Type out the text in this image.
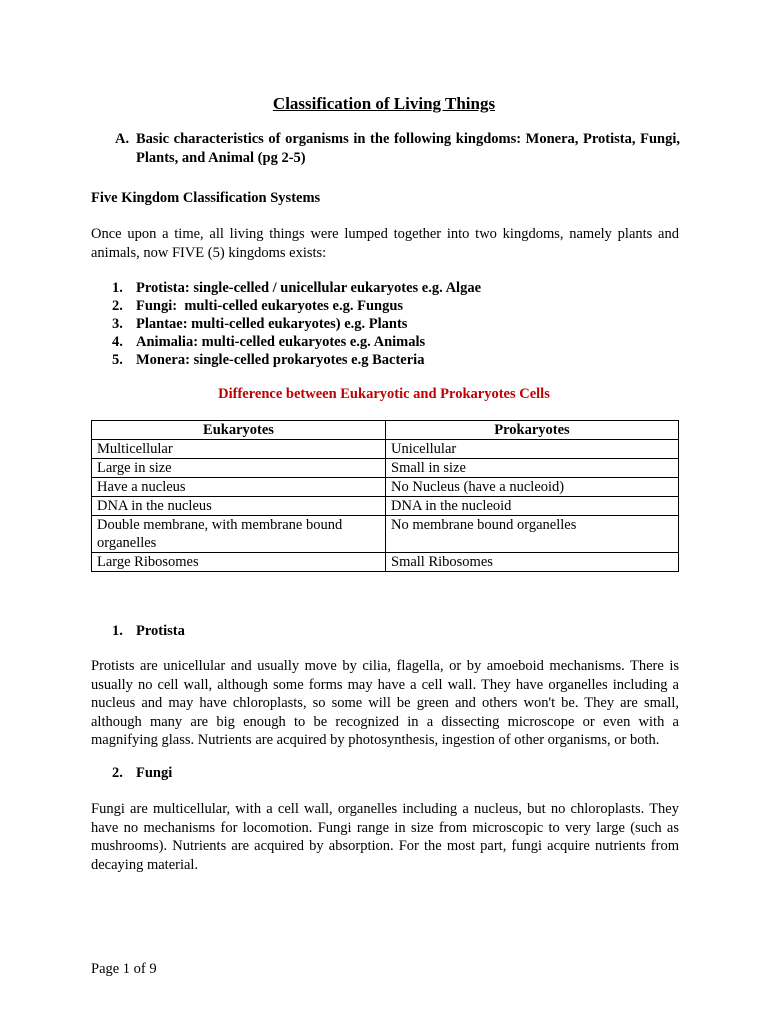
Classification of Living Things
A. Basic characteristics of organisms in the following kingdoms: Monera, Protista, Fungi, Plants, and Animal (pg 2-5)
Five Kingdom Classification Systems
Once upon a time, all living things were lumped together into two kingdoms, namely plants and animals, now FIVE (5) kingdoms exists:
1. Protista: single-celled / unicellular eukaryotes e.g. Algae
2. Fungi:  multi-celled eukaryotes e.g. Fungus
3. Plantae: multi-celled eukaryotes) e.g. Plants
4. Animalia: multi-celled eukaryotes e.g. Animals
5. Monera: single-celled prokaryotes e.g Bacteria
Difference between Eukaryotic and Prokaryotes Cells
Eukaryotes	Prokaryotes
Multicellular	Unicellular
Large in size	Small in size
Have a nucleus	No Nucleus (have a nucleoid)
DNA in the nucleus	DNA in the nucleoid
Double membrane, with membrane bound organelles	No membrane bound organelles
Large Ribosomes	Small Ribosomes
1. Protista
Protists are unicellular and usually move by cilia, flagella, or by amoeboid mechanisms. There is usually no cell wall, although some forms may have a cell wall. They have organelles including a nucleus and may have chloroplasts, so some will be green and others won't be. They are small, although many are big enough to be recognized in a dissecting microscope or even with a magnifying glass. Nutrients are acquired by photosynthesis, ingestion of other organisms, or both.
2. Fungi
Fungi are multicellular, with a cell wall, organelles including a nucleus, but no chloroplasts. They have no mechanisms for locomotion. Fungi range in size from microscopic to very large (such as mushrooms). Nutrients are acquired by absorption. For the most part, fungi acquire nutrients from decaying material.
Page 1 of 9
